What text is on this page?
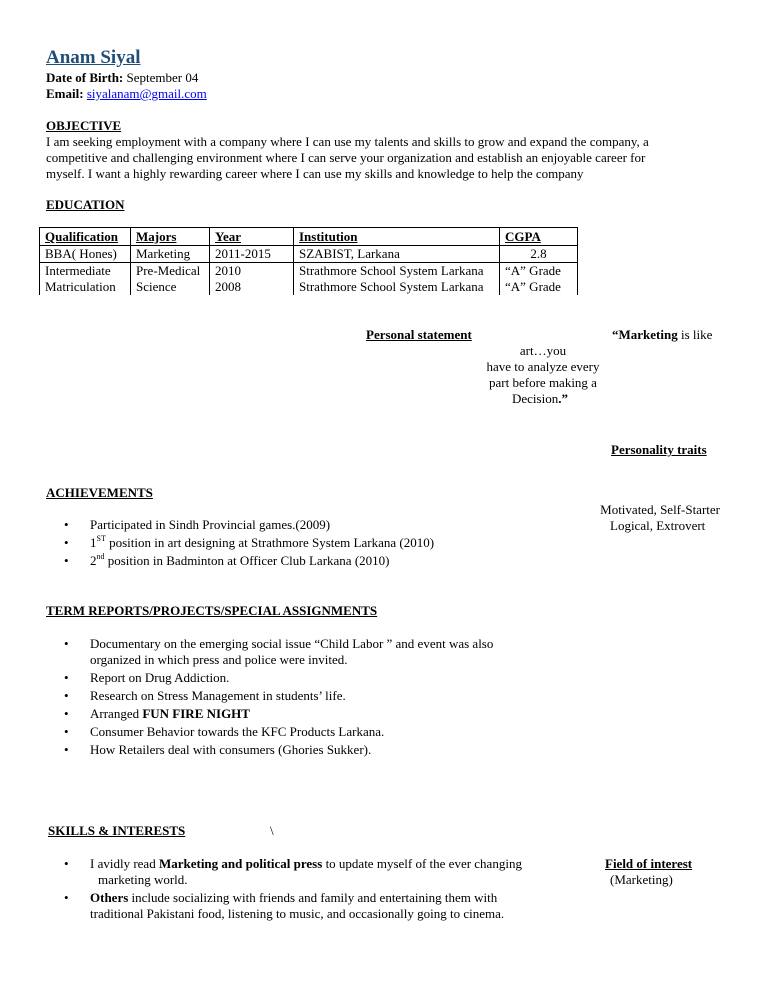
Anam Siyal
Date of Birth: September 04
Email: siyalanam@gmail.com
OBJECTIVE
I am seeking employment with a company where I can use my talents and skills to grow and expand the company, a
competitive and challenging environment where I can serve your organization and establish an enjoyable career for
myself. I want a highly rewarding career where I can use my skills and knowledge to help the company
EDUCATION
Qualification	Majors	Year	Institution	CGPA
BBA( Hones)	Marketing	2011-2015	SZABIST, Larkana	2.8
Intermediate	Pre-Medical	2010	Strathmore School System Larkana	“A” Grade
Matriculation	Science	2008	Strathmore School System Larkana	“A” Grade
Personal statement	“Marketing is like
art…you
have to analyze every
part before making a
Decision.”
Personality traits
Motivated, Self-Starter
Logical, Extrovert
ACHIEVEMENTS
• Participated in Sindh Provincial games.(2009)
• 1ST position in art designing at Strathmore System Larkana (2010)
• 2nd position in Badminton at Officer Club Larkana (2010)
TERM REPORTS/PROJECTS/SPECIAL ASSIGNMENTS
• Documentary on the emerging social issue “Child Labor ” and event was also
organized in which press and police were invited.
• Report on Drug Addiction.
• Research on Stress Management in students’ life.
• Arranged FUN FIRE NIGHT
• Consumer Behavior towards the KFC Products Larkana.
• How Retailers deal with consumers (Ghories Sukker).
SKILLS & INTERESTS	\
• I avidly read Marketing and political press to update myself of the ever changing
marketing world.
• Others include socializing with friends and family and entertaining them with
traditional Pakistani food, listening to music, and occasionally going to cinema.
Field of interest
(Marketing)
